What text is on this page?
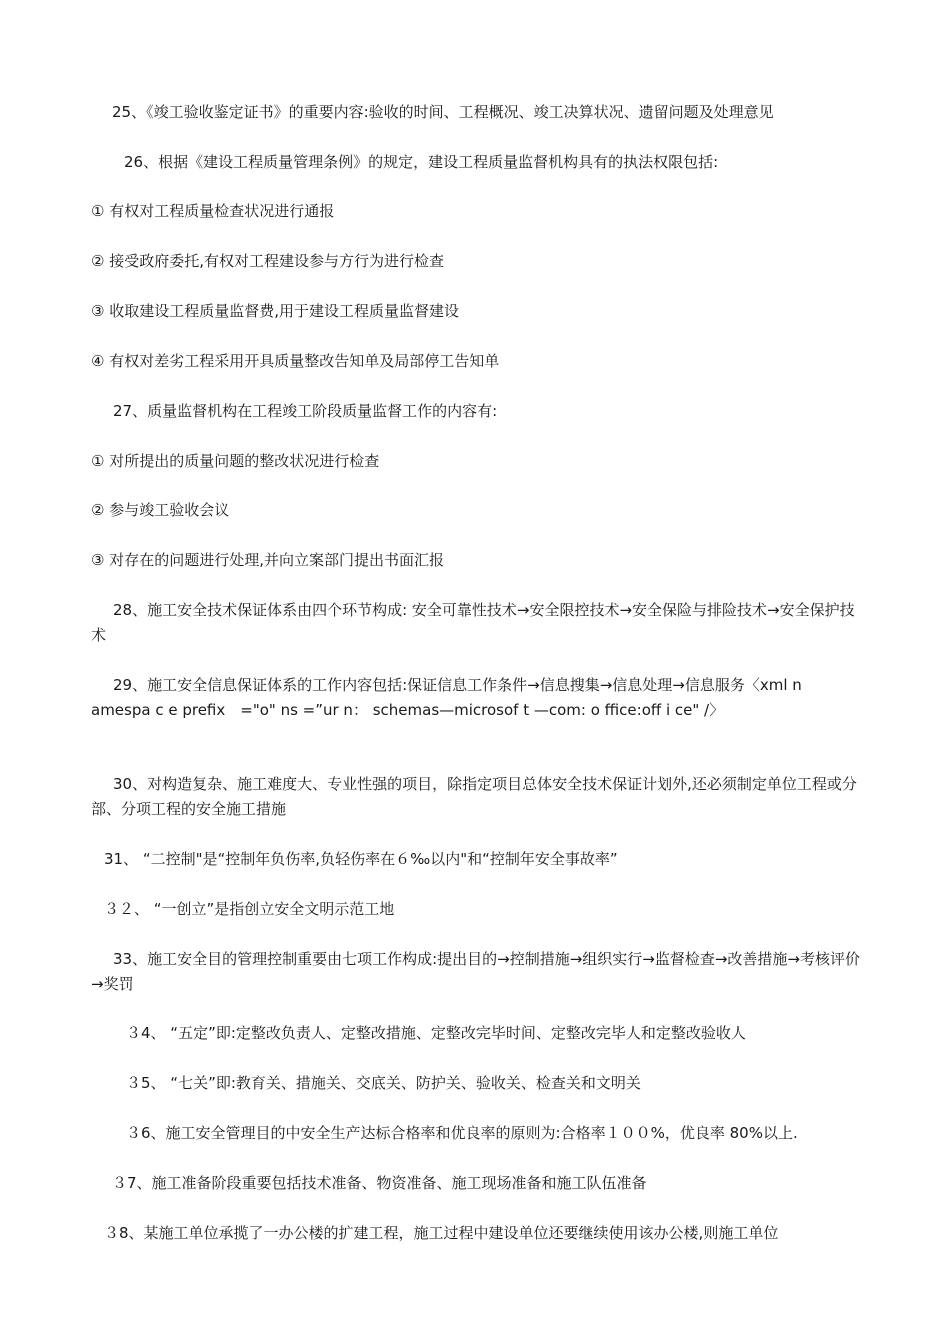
25、《竣工验收鉴定证书》的重要内容:验收的时间、工程概况、竣工决算状况、遗留问题及处理意见
26、根据《建设工程质量管理条例》的规定，建设工程质量监督机构具有的执法权限包括:
① 有权对工程质量检查状况进行通报
② 接受政府委托,有权对工程建设参与方行为进行检查
③ 收取建设工程质量监督费,用于建设工程质量监督建设
④ 有权对差劣工程采用开具质量整改告知单及局部停工告知单
27、质量监督机构在工程竣工阶段质量监督工作的内容有:
① 对所提出的质量问题的整改状况进行检查
② 参与竣工验收会议
③ 对存在的问题进行处理,并向立案部门提出书面汇报
28、施工安全技术保证体系由四个环节构成: 安全可靠性技术→安全限控技术→安全保险与排险技术→安全保护技术
29、施工安全信息保证体系的工作内容包括:保证信息工作条件→信息搜集→信息处理→信息服务〈xml n amespa c e prefix　="o" ns =”ur n： schemas—microsof t —com: o ffice:off i ce" /〉
30、对构造复杂、施工难度大、专业性强的项目，除指定项目总体安全技术保证计划外,还必须制定单位工程或分部、分项工程的安全施工措施
31、 “二控制"是“控制年负伤率,负轻伤率在６‰以内"和“控制年安全事故率”
３２、 “一创立”是指创立安全文明示范工地
33、施工安全目的管理控制重要由七项工作构成:提出目的→控制措施→组织实行→监督检查→改善措施→考核评价→奖罚
３4、 “五定”即:定整改负责人、定整改措施、定整改完毕时间、定整改完毕人和定整改验收人
３5、 “七关”即:教育关、措施关、交底关、防护关、验收关、检查关和文明关
３6、施工安全管理目的中安全生产达标合格率和优良率的原则为:合格率１００%，优良率 80%以上.
３7、施工准备阶段重要包括技术准备、物资准备、施工现场准备和施工队伍准备
３8、某施工单位承揽了一办公楼的扩建工程，施工过程中建设单位还要继续使用该办公楼,则施工单位
